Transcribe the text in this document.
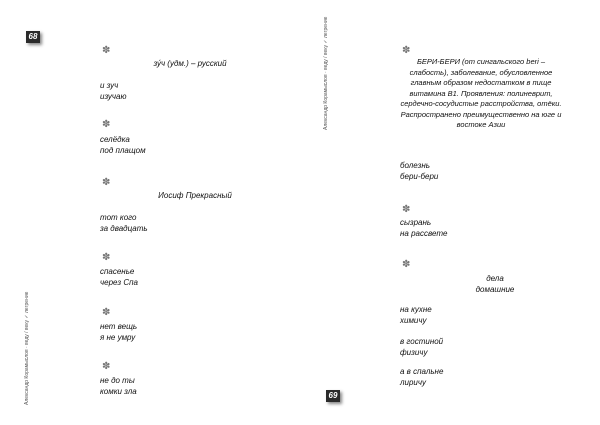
68
Александр Корамыслов · веду / веку ✓ легрение
✽
зу́ч (удм.) – русский
и зуч
изучаю
✽
селёдка
под плащом
✽
Иосиф Прекрасный
тот кого
за двадцать
✽
спасенье
через Спа
✽
нет вещь
я не умру
✽
не до ты
комки зла
Александр Корамыслов · веду / веку ✓ легрение	✽
БЕРИ-БЕРИ (от сингальского beri – слабость), заболевание, обусловленное главным образом недостатком в пище витамина B1. Проявления: полиневрит, сердечно-сосудистые расстройства, отёки. Распространено преимущественно на юге и востоке Азии
болезнь
бери-бери
✽
сызрань
на рассвете
✽
дела
домашние
на кухне
химичу
в гостиной
физичу
а в спальне
лиричу
69
